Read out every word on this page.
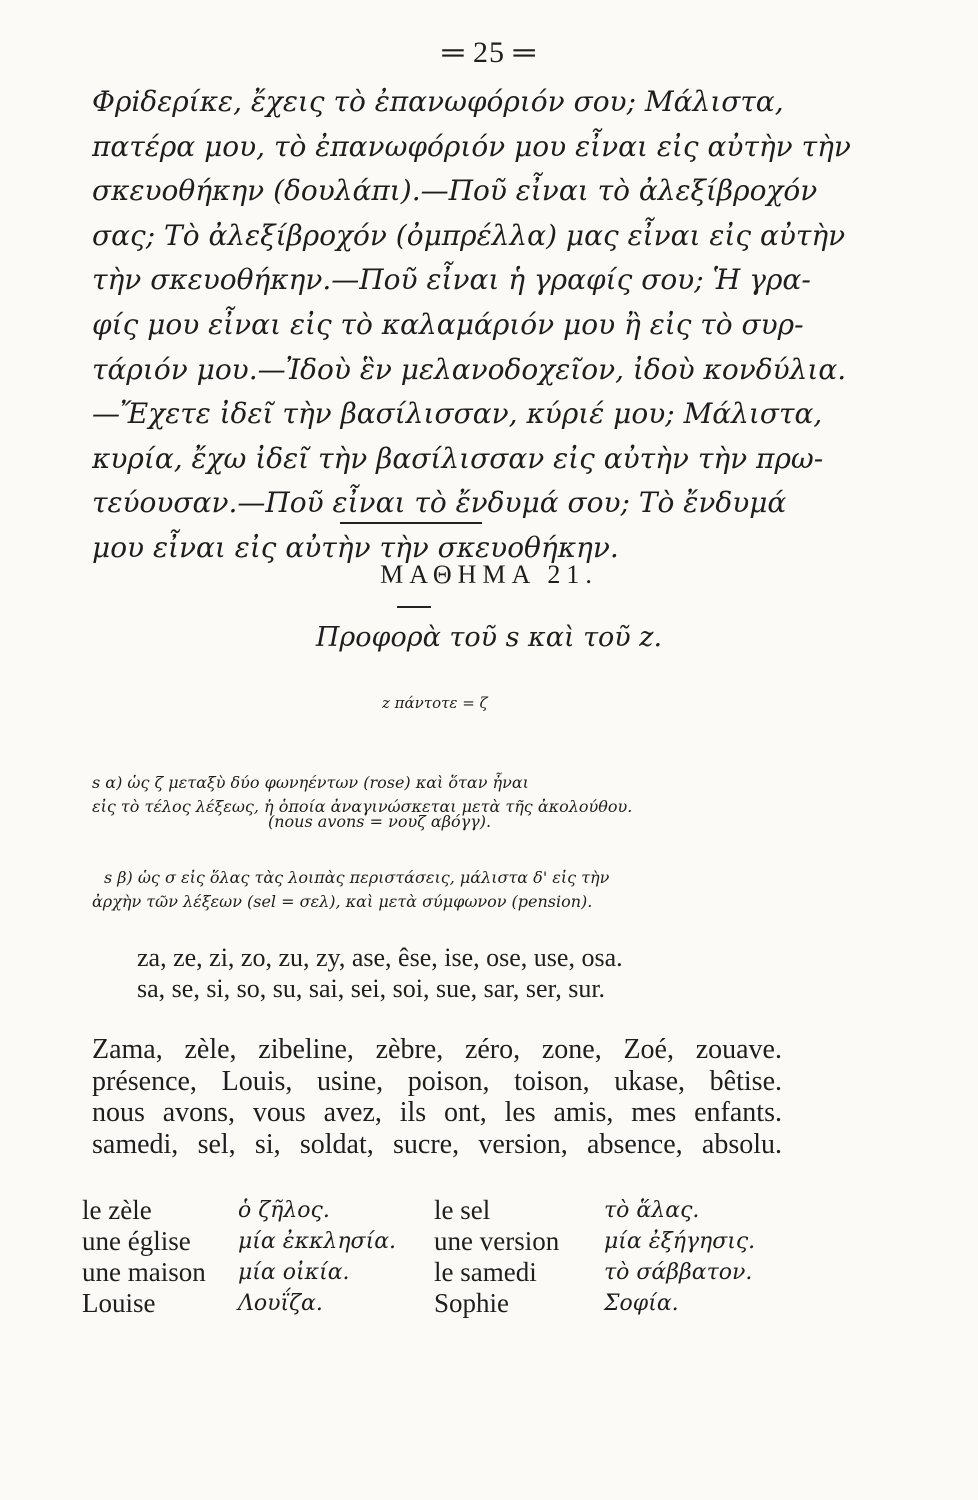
═ 25 ═
Φρiδερίκε, ἔχεις τὸ ἐπανωφόριόν σου; Μάλιστα,
πατέρα μου, τὸ ἐπανωφόριόν μου εἶναι εἰς αὐτὴν τὴν
σκευοθήκην (δουλάπι).—Ποῦ εἶναι τὸ ἀλεξίβροχόν
σας; Τὸ ἀλεξίβροχόν (ὀμπρέλλα) μας εἶναι εἰς αὐτὴν
τὴν σκευοθήκην.—Ποῦ εἶναι ἡ γραφίς σου; Ἡ γρα-
φίς μου εἶναι εἰς τὸ καλαμάριόν μου ἢ εἰς τὸ συρ-
τάριόν μου.—Ἰδοὺ ἓν μελανοδοχεῖον, ἰδοὺ κονδύλια.
—Ἔχετε ἰδεῖ τὴν βασίλισσαν, κύριέ μου; Μάλιστα,
κυρία, ἔχω ἰδεῖ τὴν βασίλισσαν εἰς αὐτὴν τὴν πρω-
τεύουσαν.—Ποῦ εἶναι τὸ ἔνδυμά σου; Τὸ ἔνδυμά
μου εἶναι εἰς αὐτὴν τὴν σκευοθήκην.
ΜΑΘΗΜΑ 21.
Προφορὰ τοῦ s καὶ τοῦ z.
z πάντοτε = ζ
s α) ὡς ζ μεταξὺ δύο φωνηέντων (rose) καὶ ὅταν ἦναι
εἰς τὸ τέλος λέξεως, ἡ ὁποία ἀναγινώσκεται μετὰ τῆς ἀκολούθου.
(nous avons = νουζ αβόγγ).
s β) ὡς σ εἰς ὅλας τὰς λοιπὰς περιστάσεις, μάλιστα δ' εἰς τὴν
ἀρχὴν τῶν λέξεων (sel = σελ), καὶ μετὰ σύμφωνον (pension).
za, ze, zi, zo, zu, zy, ase, êse, ise, ose, use, osa.
sa, se, si, so, su, sai, sei, soi, sue, sar, ser, sur.
Zama, zèle, zibeline, zèbre, zéro, zone, Zoé, zouave.
présence, Louis, usine, poison, toison, ukase, bêtise.
nous avons, vous avez, ils ont, les amis, mes enfants.
samedi, sel, si, soldat, sucre, version, absence, absolu.
le zèle	ὁ ζῆλος.	le sel	τὸ ἅλας.
une église μία ἐκκλησία. une version μία ἐξήγησις.
une maison μία οἰκία.	le samedi	τὸ σάββατον.
Louise	Λουΐζα.	Sophie	Σοφία.
